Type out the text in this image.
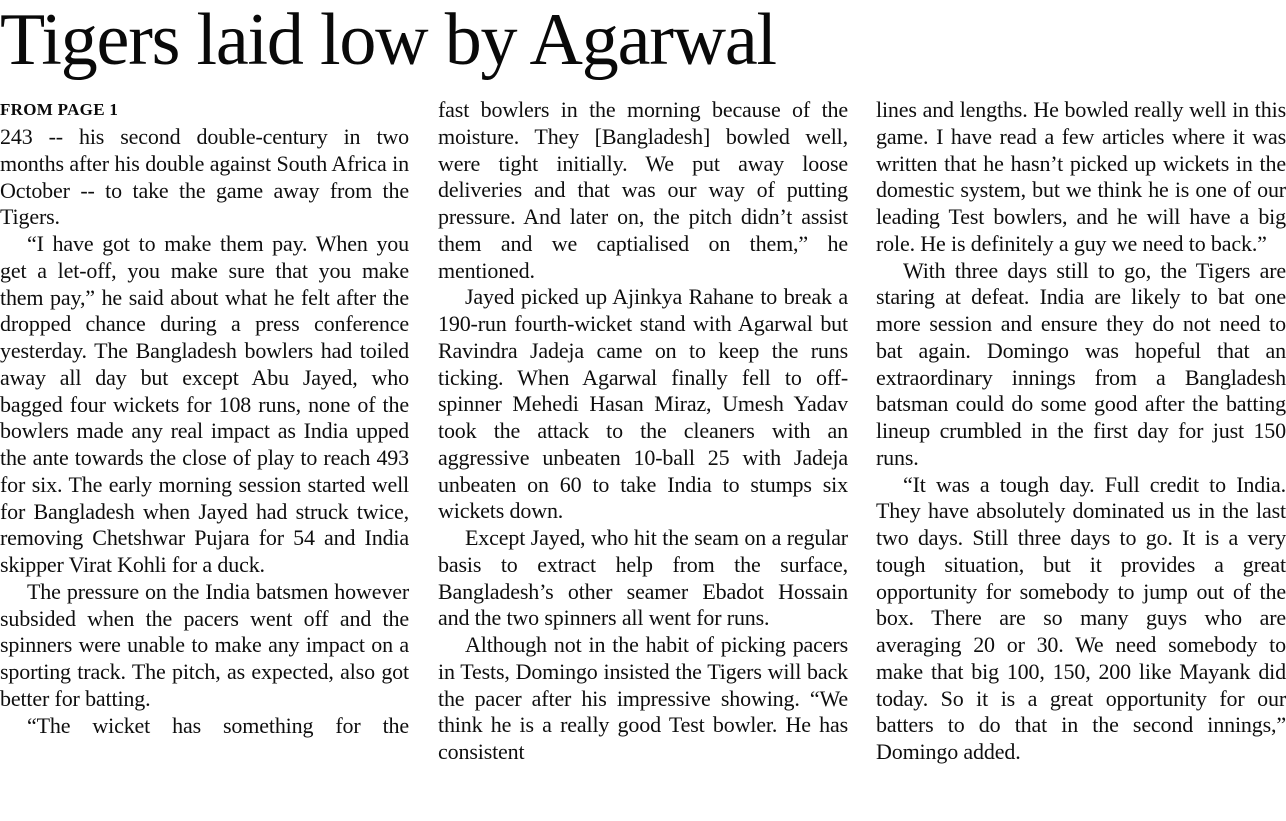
Tigers laid low by Agarwal
FROM PAGE 1

243 -- his second double-century in two months after his double against South Africa in October -- to take the game away from the Tigers.

“I have got to make them pay. When you get a let-off, you make sure that you make them pay,” he said about what he felt after the dropped chance during a press conference yesterday. The Bangladesh bowlers had toiled away all day but except Abu Jayed, who bagged four wickets for 108 runs, none of the bowlers made any real impact as India upped the ante towards the close of play to reach 493 for six. The early morning session started well for Bangladesh when Jayed had struck twice, removing Chetshwar Pujara for 54 and India skipper Virat Kohli for a duck.

The pressure on the India batsmen however subsided when the pacers went off and the spinners were unable to make any impact on a sporting track. The pitch, as expected, also got better for batting.

“The wicket has something for the

fast bowlers in the morning because of the moisture. They [Bangladesh] bowled well, were tight initially. We put away loose deliveries and that was our way of putting pressure. And later on, the pitch didn’t assist them and we captialised on them,” he mentioned.

Jayed picked up Ajinkya Rahane to break a 190-run fourth-wicket stand with Agarwal but Ravindra Jadeja came on to keep the runs ticking. When Agarwal finally fell to off-spinner Mehedi Hasan Miraz, Umesh Yadav took the attack to the cleaners with an aggressive unbeaten 10-ball 25 with Jadeja unbeaten on 60 to take India to stumps six wickets down.

Except Jayed, who hit the seam on a regular basis to extract help from the surface, Bangladesh’s other seamer Ebadot Hossain and the two spinners all went for runs.

Although not in the habit of picking pacers in Tests, Domingo insisted the Tigers will back the pacer after his impressive showing. “We think he is a really good Test bowler. He has consistent

lines and lengths. He bowled really well in this game. I have read a few articles where it was written that he hasn’t picked up wickets in the domestic system, but we think he is one of our leading Test bowlers, and he will have a big role. He is definitely a guy we need to back.”

With three days still to go, the Tigers are staring at defeat. India are likely to bat one more session and ensure they do not need to bat again. Domingo was hopeful that an extraordinary innings from a Bangladesh batsman could do some good after the batting lineup crumbled in the first day for just 150 runs.

“It was a tough day. Full credit to India. They have absolutely dominated us in the last two days. Still three days to go. It is a very tough situation, but it provides a great opportunity for somebody to jump out of the box. There are so many guys who are averaging 20 or 30. We need somebody to make that big 100, 150, 200 like Mayank did today. So it is a great opportunity for our batters to do that in the second innings,” Domingo added.
